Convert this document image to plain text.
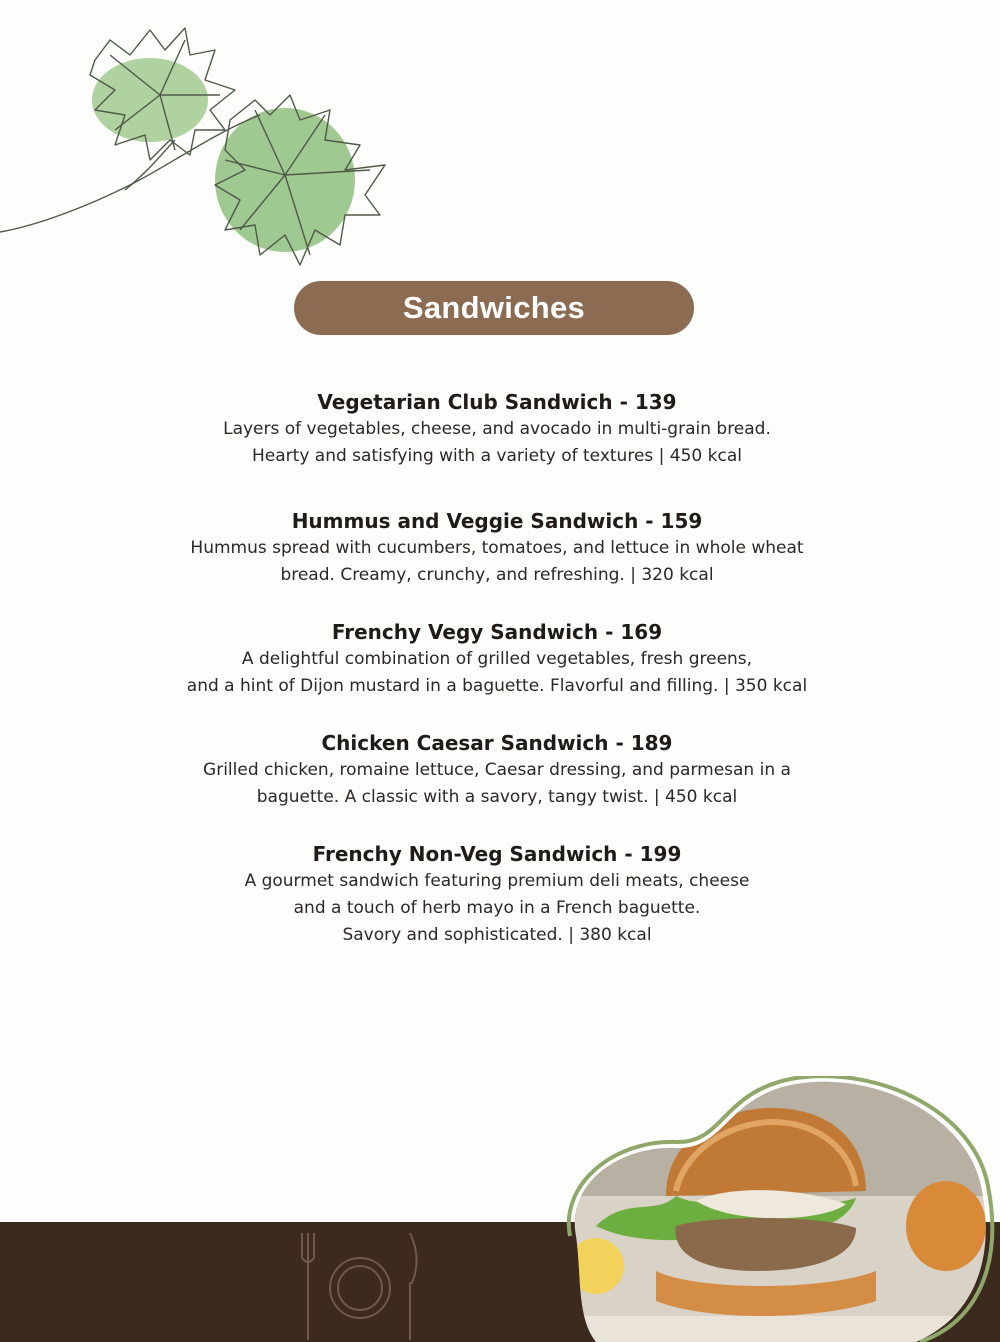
Sandwiches
Vegetarian Club Sandwich - 139

Layers of vegetables, cheese, and avocado in multi-grain bread.
Hearty and satisfying with a variety of textures | 450 kcal

Hummus and Veggie Sandwich - 159

Hummus spread with cucumbers, tomatoes, and lettuce in whole wheat
bread. Creamy, crunchy, and refreshing. | 320 kcal

Frenchy Vegy Sandwich - 169

A delightful combination of grilled vegetables, fresh greens,
and a hint of Dijon mustard in a baguette. Flavorful and filling. | 350 kcal

Chicken Caesar Sandwich - 189

Grilled chicken, romaine lettuce, Caesar dressing, and parmesan in a
baguette. A classic with a savory, tangy twist. | 450 kcal

Frenchy Non-Veg Sandwich - 199

A gourmet sandwich featuring premium deli meats, cheese
and a touch of herb mayo in a French baguette.
Savory and sophisticated. | 380 kcal
